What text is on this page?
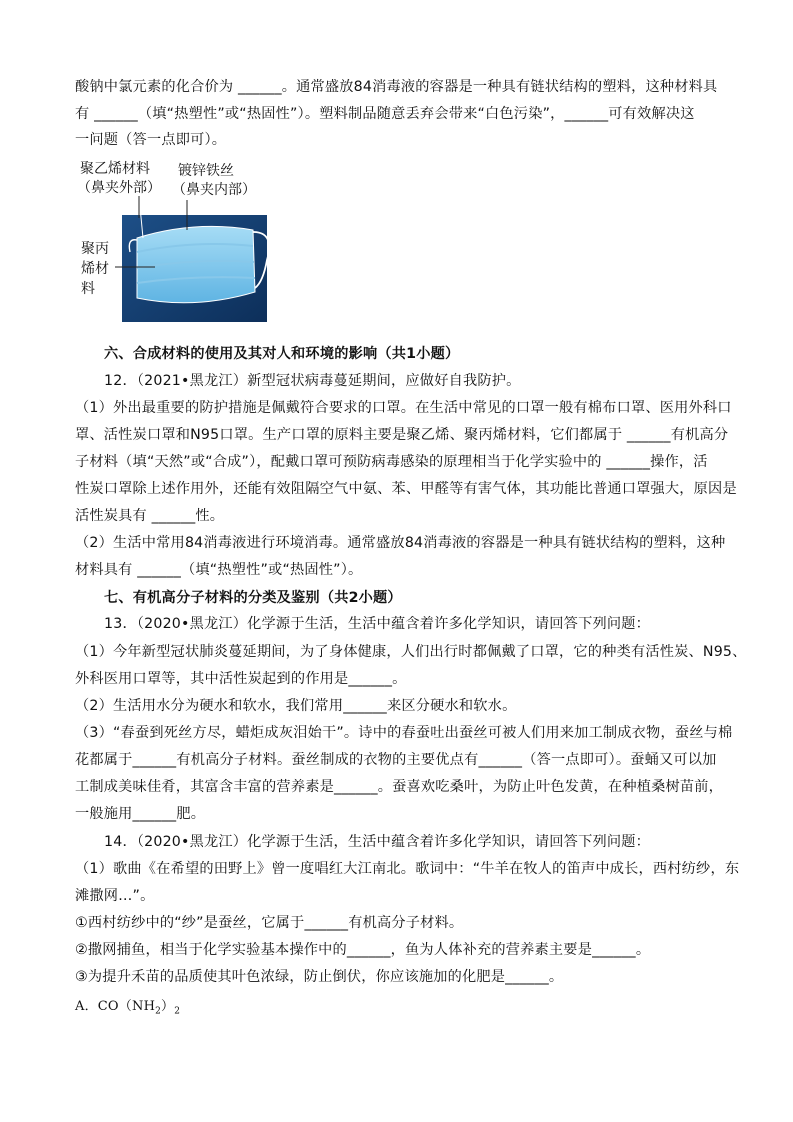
酸钠中氯元素的化合价为 ______。通常盛放84消毒液的容器是一种具有链状结构的塑料，这种材料具
有 ______（填“热塑性”或“热固性”）。塑料制品随意丢弃会带来“白色污染”，______可有效解决这
一问题（答一点即可）。
聚乙烯材料
（鼻夹外部）
镀锌铁丝
（鼻夹内部）
聚丙
烯材
料
六、合成材料的使用及其对人和环境的影响（共1小题）
12．（2021•黑龙江）新型冠状病毒蔓延期间，应做好自我防护。
（1）外出最重要的防护措施是佩戴符合要求的口罩。在生活中常见的口罩一般有棉布口罩、医用外科口
罩、活性炭口罩和N95口罩。生产口罩的原料主要是聚乙烯、聚丙烯材料，它们都属于 ______有机高分
子材料（填“天然”或“合成”），配戴口罩可预防病毒感染的原理相当于化学实验中的 ______操作，活
性炭口罩除上述作用外，还能有效阻隔空气中氨、苯、甲醛等有害气体，其功能比普通口罩强大，原因是
活性炭具有 ______性。
（2）生活中常用84消毒液进行环境消毒。通常盛放84消毒液的容器是一种具有链状结构的塑料，这种
材料具有 ______（填“热塑性”或“热固性”）。
七、有机高分子材料的分类及鉴别（共2小题）
13．（2020•黑龙江）化学源于生活，生活中蕴含着许多化学知识，请回答下列问题：
（1）今年新型冠状肺炎蔓延期间，为了身体健康，人们出行时都佩戴了口罩，它的种类有活性炭、N95、
外科医用口罩等，其中活性炭起到的作用是______。
（2）生活用水分为硬水和软水，我们常用______来区分硬水和软水。
（3）“春蚕到死丝方尽，蜡炬成灰泪始干”。诗中的春蚕吐出蚕丝可被人们用来加工制成衣物，蚕丝与棉
花都属于______有机高分子材料。蚕丝制成的衣物的主要优点有______（答一点即可）。蚕蛹又可以加
工制成美味佳肴，其富含丰富的营养素是______。蚕喜欢吃桑叶，为防止叶色发黄，在种植桑树苗前，
一般施用______肥。
14．（2020•黑龙江）化学源于生活，生活中蕴含着许多化学知识，请回答下列问题：
（1）歌曲《在希望的田野上》曾一度唱红大江南北。歌词中：“牛羊在牧人的笛声中成长，西村纺纱，东
滩撒网…”。
①西村纺纱中的“纱”是蚕丝，它属于______有机高分子材料。
②撒网捕鱼，相当于化学实验基本操作中的______，鱼为人体补充的营养素主要是______。
③为提升禾苗的品质使其叶色浓绿，防止倒伏，你应该施加的化肥是______。
A．$CO(NH_2)_2$
